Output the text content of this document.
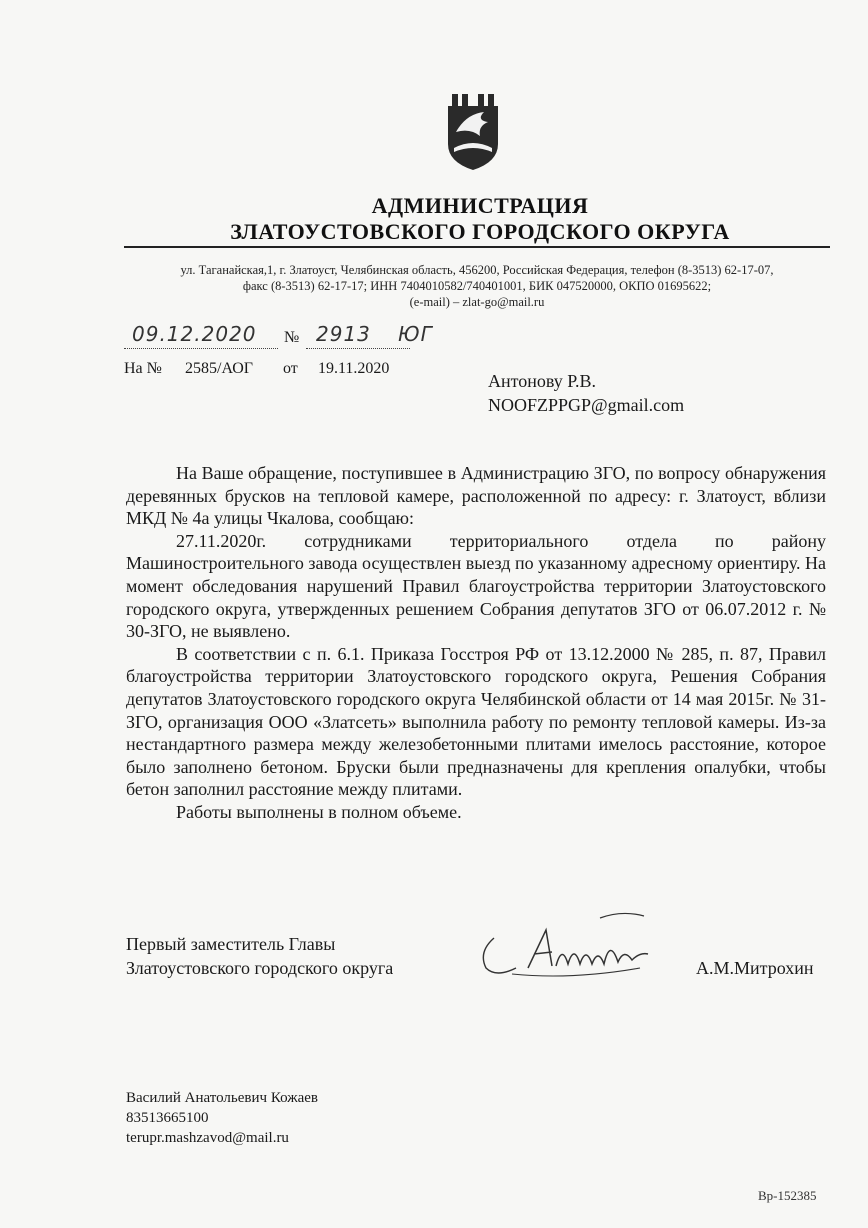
АДМИНИСТРАЦИЯ
ЗЛАТОУСТОВСКОГО ГОРОДСКОГО ОКРУГА
ул. Таганайская,1, г. Златоуст, Челябинская область, 456200, Российская Федерация, телефон (8-3513) 62-17-07,
факс (8-3513) 62-17-17; ИНН 7404010582/740401001, БИК 047520000, ОКПО 01695622;
(e-mail) – zlat-go@mail.ru
09.12.2020 № 2913 ЮГ
На № 2585/АОГ от 19.11.2020
Антонову Р.В.
NOOFZPPGP@gmail.com

На Ваше обращение, поступившее в Администрацию ЗГО, по вопросу обнаружения деревянных брусков на тепловой камере, расположенной по адресу: г. Златоуст, вблизи МКД № 4а улицы Чкалова, сообщаю:

27.11.2020г. сотрудниками территориального отдела по району Машиностроительного завода осуществлен выезд по указанному адресному ориентиру. На момент обследования нарушений Правил благоустройства территории Златоустовского городского округа, утвержденных решением Собрания депутатов ЗГО от 06.07.2012 г. № 30-ЗГО, не выявлено.

В соответствии с п. 6.1. Приказа Госстроя РФ от 13.12.2000 № 285, п. 87, Правил благоустройства территории Златоустовского городского округа, Решения Собрания депутатов Златоустовского городского округа Челябинской области от 14 мая 2015г. № 31-ЗГО, организация ООО «Златсеть» выполнила работу по ремонту тепловой камеры. Из-за нестандартного размера между железобетонными плитами имелось расстояние, которое было заполнено бетоном. Бруски были предназначены для крепления опалубки, чтобы бетон заполнил расстояние между плитами.

Работы выполнены в полном объеме.

Первый заместитель Главы
Златоустовского городского округа	А.М.Митрохин
Василий Анатольевич Кожаев
83513665100
terupr.mashzavod@mail.ru
Вр-152385
